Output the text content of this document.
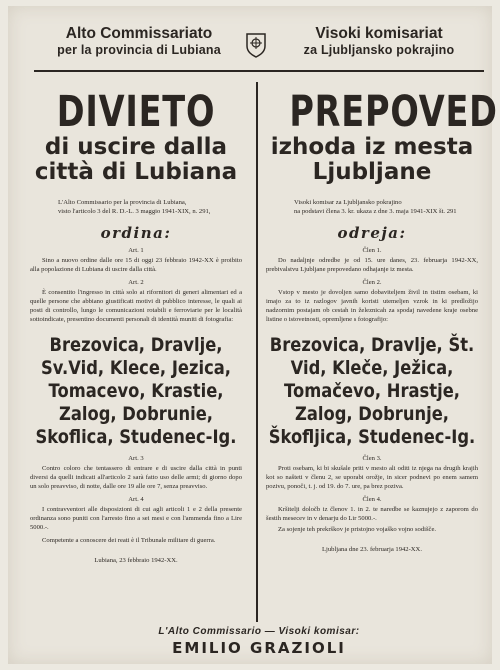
Alto Commissariato
per la provincia di Lubiana
Visoki komisariat
za Ljubljansko pokrajino

DIVIETO

di uscire dalla

città di Lubiana

L'Alto Commissario per la provincia di Lubiana,
visto l'articolo 3 del R. D.-L. 3 maggio 1941-XIX, n. 291,

ordina:
Art. 1

Sino a nuovo ordine dalle ore 15 di oggi 23 febbraio 1942-XX è proibito alla popolazione di Lubiana di uscire dalla città.

Art. 2

È consentito l'ingresso in città solo ai rifornitori di generi alimentari ed a quelle persone che abbiano giustificati motivi di pubblico interesse, le quali ai posti di controllo, lungo le comunicazioni rotabili e ferroviarie per le località sottoindicate, presentino documenti personali di identità muniti di fotografia:

Brezovica, Dravlje, Sv.Vid, Klece, Jezica, Tomacevo, Krastie, Zalog, Dobrunie, Skoflica, Studenec-Ig.
Art. 3

Contro coloro che tentassero di entrare e di uscire dalla città in punti diversi da quelli indicati all'articolo 2 sarà fatto uso delle armi; di giorno dopo un solo preavviso, di notte, dalle ore 19 alle ore 7, senza preavviso.

Art. 4

I contravventori alle disposizioni di cui agli articoli 1 e 2 della presente ordinanza sono puniti con l'arresto fino a sei mesi e con l'ammenda fino a Lire 5000.-.

Competente a conoscere dei reati è il Tribunale militare di guerra.

Lubiana, 23 febbraio 1942-XX.

PREPOVED

izhoda iz mesta

Ljubljane

Visoki komisar za Ljubljansko pokrajino
na podstavi člena 3. kr. ukaza z dne 3. maja 1941-XIX št. 291

odreja:
Člen 1.

Do nadaljnje odredbe je od 15. ure danes, 23. februarja 1942-XX, prebivalstvu Ljubljane prepovedano odhajanje iz mesta.

Člen 2.

Vstop v mesto je dovoljen samo dobaviteljem živil in tistim osebam, ki imajo za to iz razlogov javnih koristi utemeljen vzrok in ki predložijo nadzornim postajam ob cestah in železnicah za spodaj navedene kraje osebne listine o istovetnosti, opremljene s fotografijo:

Brezovica, Dravlje, Št. Vid, Kleče, Ježica, Tomačevo, Hrastje, Zalog, Dobrunje, Škofljica, Studenec-Ig.
Člen 3.

Proti osebam, ki bi skušale priti v mesto ali oditi iz njega na drugih krajih kot so našteti v členu 2, se uporabi orožje, in sicer podnevi po enem samem pozivu, ponoči, t. j. od 19. do 7. ure, pa brez poziva.

Člen 4.

Kršitelji določb iz členov 1. in 2. te naredbe se kaznujejo z zaporom do šestih mesecev in v denarju do Lir 5000.-.

Za sojenje teh prekrškov je pristojno vojaško vojno sodišče.

Ljubljana dne 23. februarja 1942-XX.
L'Alto Commissario — Visoki komisar:
EMILIO GRAZIOLI
